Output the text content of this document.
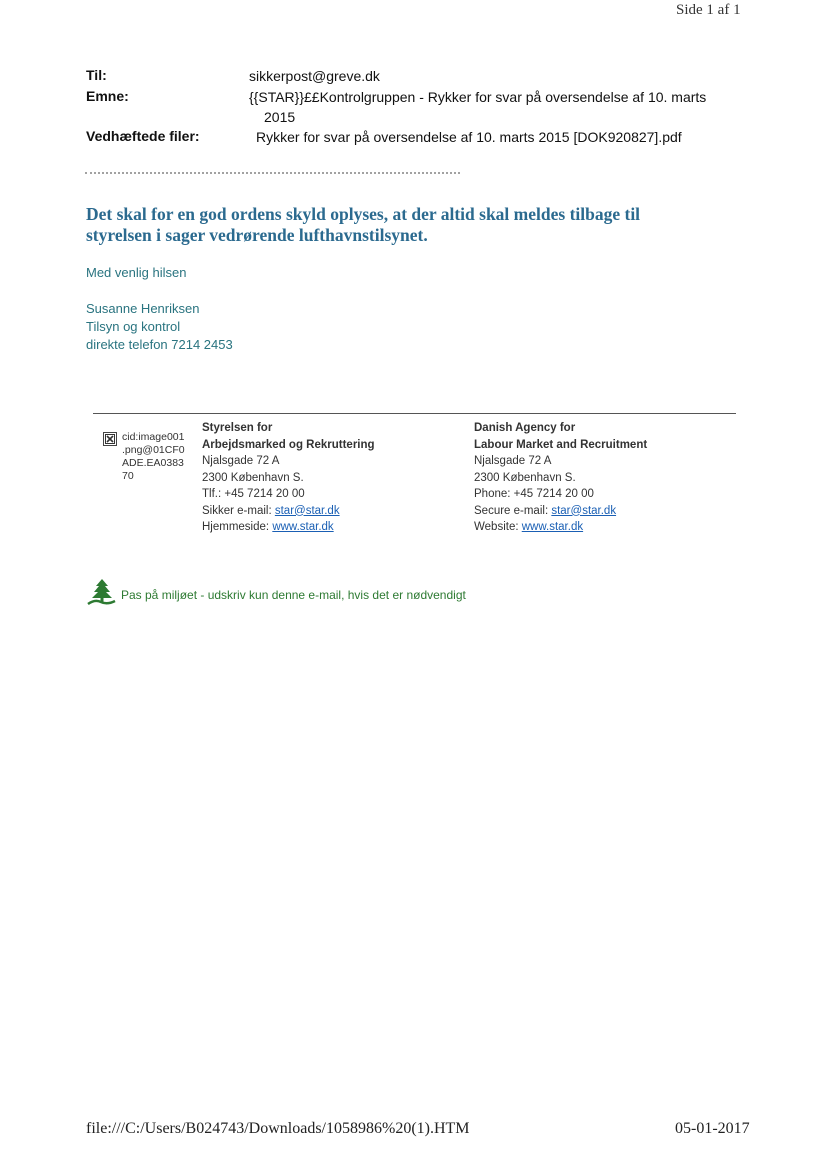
Side 1 af 1
Til:	sikkerpost@greve.dk
Emne:	{{STAR}}££Kontrolgruppen - Rykker for svar på oversendelse af 10. marts
2015
Vedhæftede filer:	Rykker for svar på oversendelse af 10. marts 2015 [DOK920827].pdf
Det skal for en god ordens skyld oplyses, at der altid skal meldes tilbage til
styrelsen i sager vedrørende lufthavnstilsynet.
Med venlig hilsen
Susanne Henriksen
Tilsyn og kontrol
direkte telefon 7214 2453
cid:image001
.png@01CF0
ADE.EA0383
70
Styrelsen for
Arbejdsmarked og Rekruttering
Njalsgade 72 A
2300 København S.
Tlf.: +45 7214 20 00
Sikker e-mail: star@star.dk
Hjemmeside: www.star.dk
Danish Agency for
Labour Market and Recruitment
Njalsgade 72 A
2300 København S.
Phone: +45 7214 20 00
Secure e-mail: star@star.dk
Website: www.star.dk
Pas på miljøet - udskriv kun denne e-mail, hvis det er nødvendigt
file:///C:/Users/B024743/Downloads/1058986%20(1).HTM	05-01-2017
